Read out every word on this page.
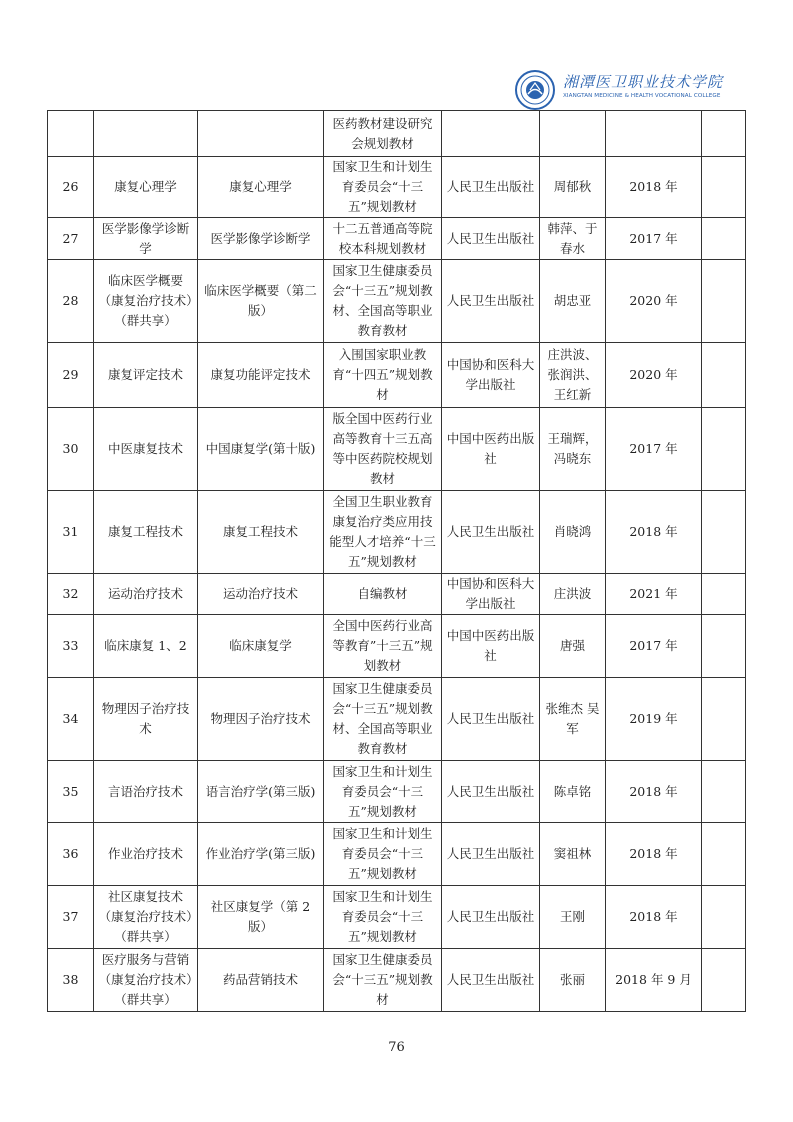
湘潭医卫职业技术学院
XIANGTAN MEDICINE & HEALTH VOCATIONAL COLLEGE
			医药教材建设研究会规划教材				
26	康复心理学	康复心理学	国家卫生和计划生育委员会“十三五”规划教材	人民卫生出版社	周郁秋	2018 年	
27	医学影像学诊断学	医学影像学诊断学	十二五普通高等院校本科规划教材	人民卫生出版社	韩萍、于春水	2017 年	
28	临床医学概要（康复治疗技术）（群共享）	临床医学概要（第二版）	国家卫生健康委员会“十三五”规划教材、全国高等职业教育教材	人民卫生出版社	胡忠亚	2020 年	
29	康复评定技术	康复功能评定技术	入围国家职业教育“十四五”规划教材	中国协和医科大学出版社	庄洪波、张润洪、王红新	2020 年	
30	中医康复技术	中国康复学(第十版)	版全国中医药行业高等教育十三五高等中医药院校规划教材	中国中医药出版社	王瑞辉，冯晓东	2017 年	
31	康复工程技术	康复工程技术	全国卫生职业教育康复治疗类应用技能型人才培养“十三五”规划教材	人民卫生出版社	肖晓鸿	2018 年	
32	运动治疗技术	运动治疗技术	自编教材	中国协和医科大学出版社	庄洪波	2021 年	
33	临床康复 1、2	临床康复学	全国中医药行业高等教育”十三五”规划教材	中国中医药出版社	唐强	2017 年	
34	物理因子治疗技术	物理因子治疗技术	国家卫生健康委员会“十三五”规划教材、全国高等职业教育教材	人民卫生出版社	张维杰 吴军	2019 年	
35	言语治疗技术	语言治疗学(第三版)	国家卫生和计划生育委员会“十三五”规划教材	人民卫生出版社	陈卓铭	2018 年	
36	作业治疗技术	作业治疗学(第三版)	国家卫生和计划生育委员会“十三五”规划教材	人民卫生出版社	窦祖林	2018 年	
37	社区康复技术（康复治疗技术）（群共享）	社区康复学（第 2 版）	国家卫生和计划生育委员会“十三五”规划教材	人民卫生出版社	王刚	2018 年	
38	医疗服务与营销（康复治疗技术）（群共享）	药品营销技术	国家卫生健康委员会“十三五”规划教材	人民卫生出版社	张丽	2018 年 9 月	
76
